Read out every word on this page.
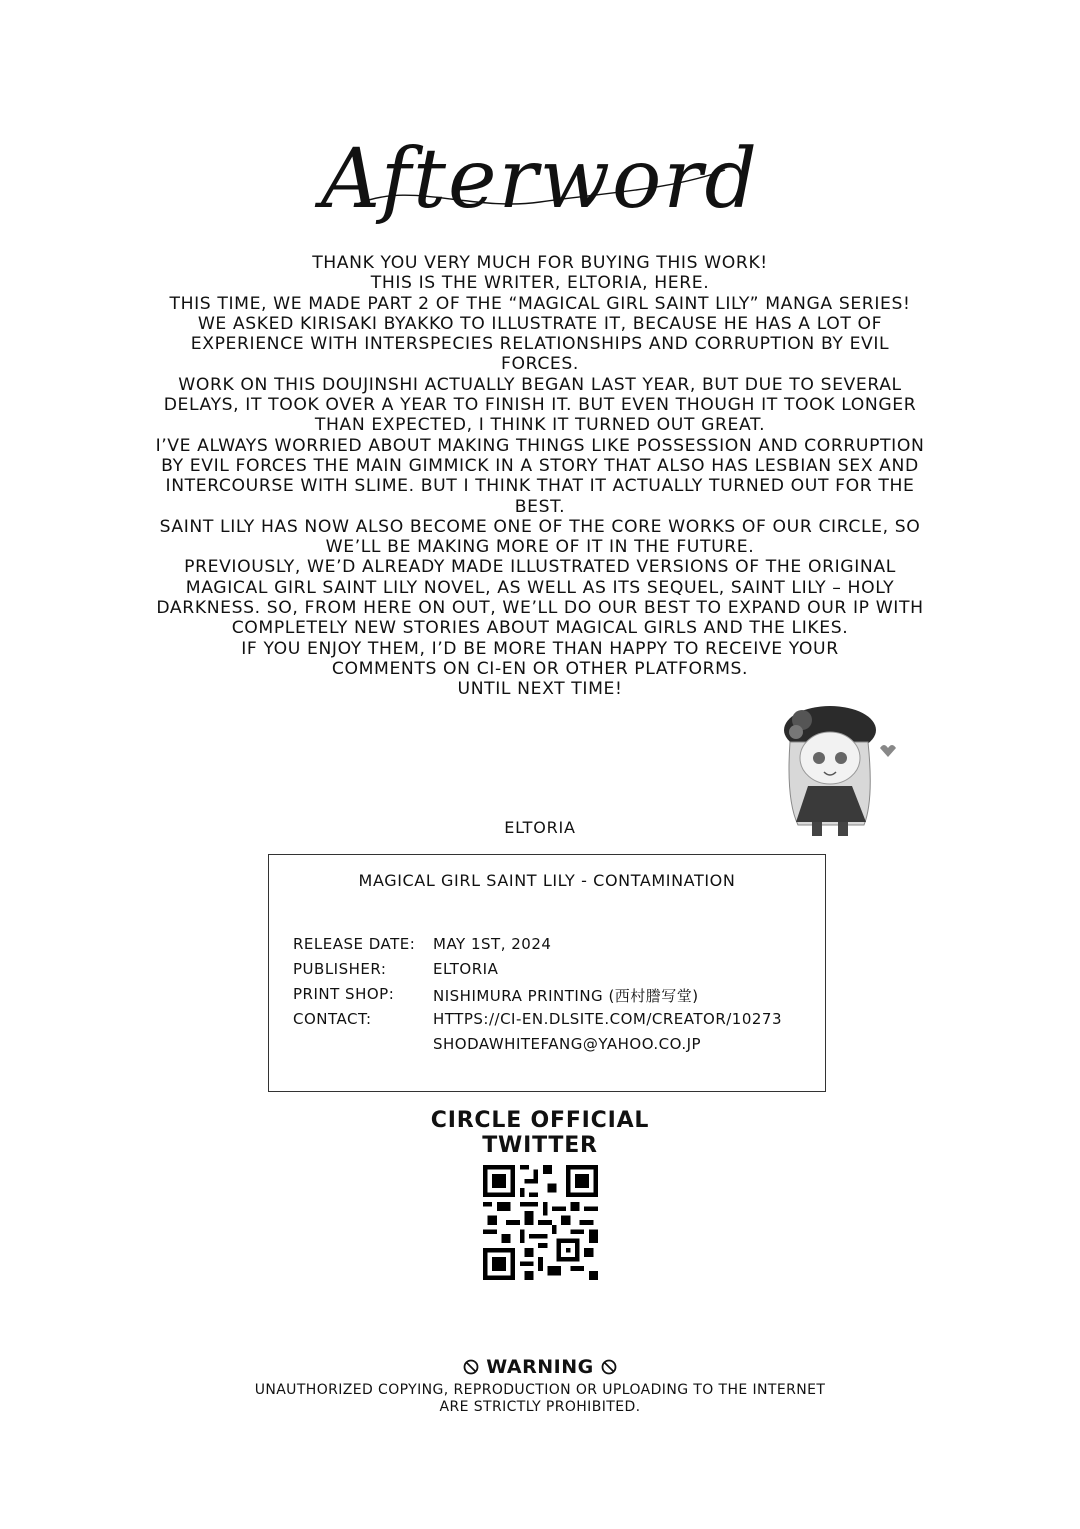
Afterword

THANK YOU VERY MUCH FOR BUYING THIS WORK!

THIS IS THE WRITER, ELTORIA, HERE.

THIS TIME, WE MADE PART 2 OF THE “MAGICAL GIRL SAINT LILY” MANGA SERIES!

WE ASKED KIRISAKI BYAKKO TO ILLUSTRATE IT, BECAUSE HE HAS A LOT OF EXPERIENCE WITH INTERSPECIES RELATIONSHIPS AND CORRUPTION BY EVIL FORCES.

WORK ON THIS DOUJINSHI ACTUALLY BEGAN LAST YEAR, BUT DUE TO SEVERAL DELAYS, IT TOOK OVER A YEAR TO FINISH IT. BUT EVEN THOUGH IT TOOK LONGER THAN EXPECTED, I THINK IT TURNED OUT GREAT.

I’VE ALWAYS WORRIED ABOUT MAKING THINGS LIKE POSSESSION AND CORRUPTION BY EVIL FORCES THE MAIN GIMMICK IN A STORY THAT ALSO HAS LESBIAN SEX AND INTERCOURSE WITH SLIME. BUT I THINK THAT IT ACTUALLY TURNED OUT FOR THE BEST.

SAINT LILY HAS NOW ALSO BECOME ONE OF THE CORE WORKS OF OUR CIRCLE, SO WE’LL BE MAKING MORE OF IT IN THE FUTURE.

PREVIOUSLY, WE’D ALREADY MADE ILLUSTRATED VERSIONS OF THE ORIGINAL MAGICAL GIRL SAINT LILY NOVEL, AS WELL AS ITS SEQUEL, SAINT LILY – HOLY DARKNESS. SO, FROM HERE ON OUT, WE’LL DO OUR BEST TO EXPAND OUR IP WITH COMPLETELY NEW STORIES ABOUT MAGICAL GIRLS AND THE LIKES.

IF YOU ENJOY THEM, I’D BE MORE THAN HAPPY TO RECEIVE YOUR COMMENTS ON CI-EN OR OTHER PLATFORMS.

UNTIL NEXT TIME!

ELTORIA
MAGICAL GIRL SAINT LILY - CONTAMINATION
RELEASE DATE:	MAY 1ST, 2024
PUBLISHER:	ELTORIA
PRINT SHOP:	NISHIMURA PRINTING (西村謄写堂)
CONTACT:	HTTPS://CI-EN.DLSITE.COM/CREATOR/10273
SHODAWHITEFANG@YAHOO.CO.JP
CIRCLE OFFICIAL
TWITTER
WARNING
UNAUTHORIZED COPYING, REPRODUCTION OR UPLOADING TO THE INTERNET ARE STRICTLY PROHIBITED.
